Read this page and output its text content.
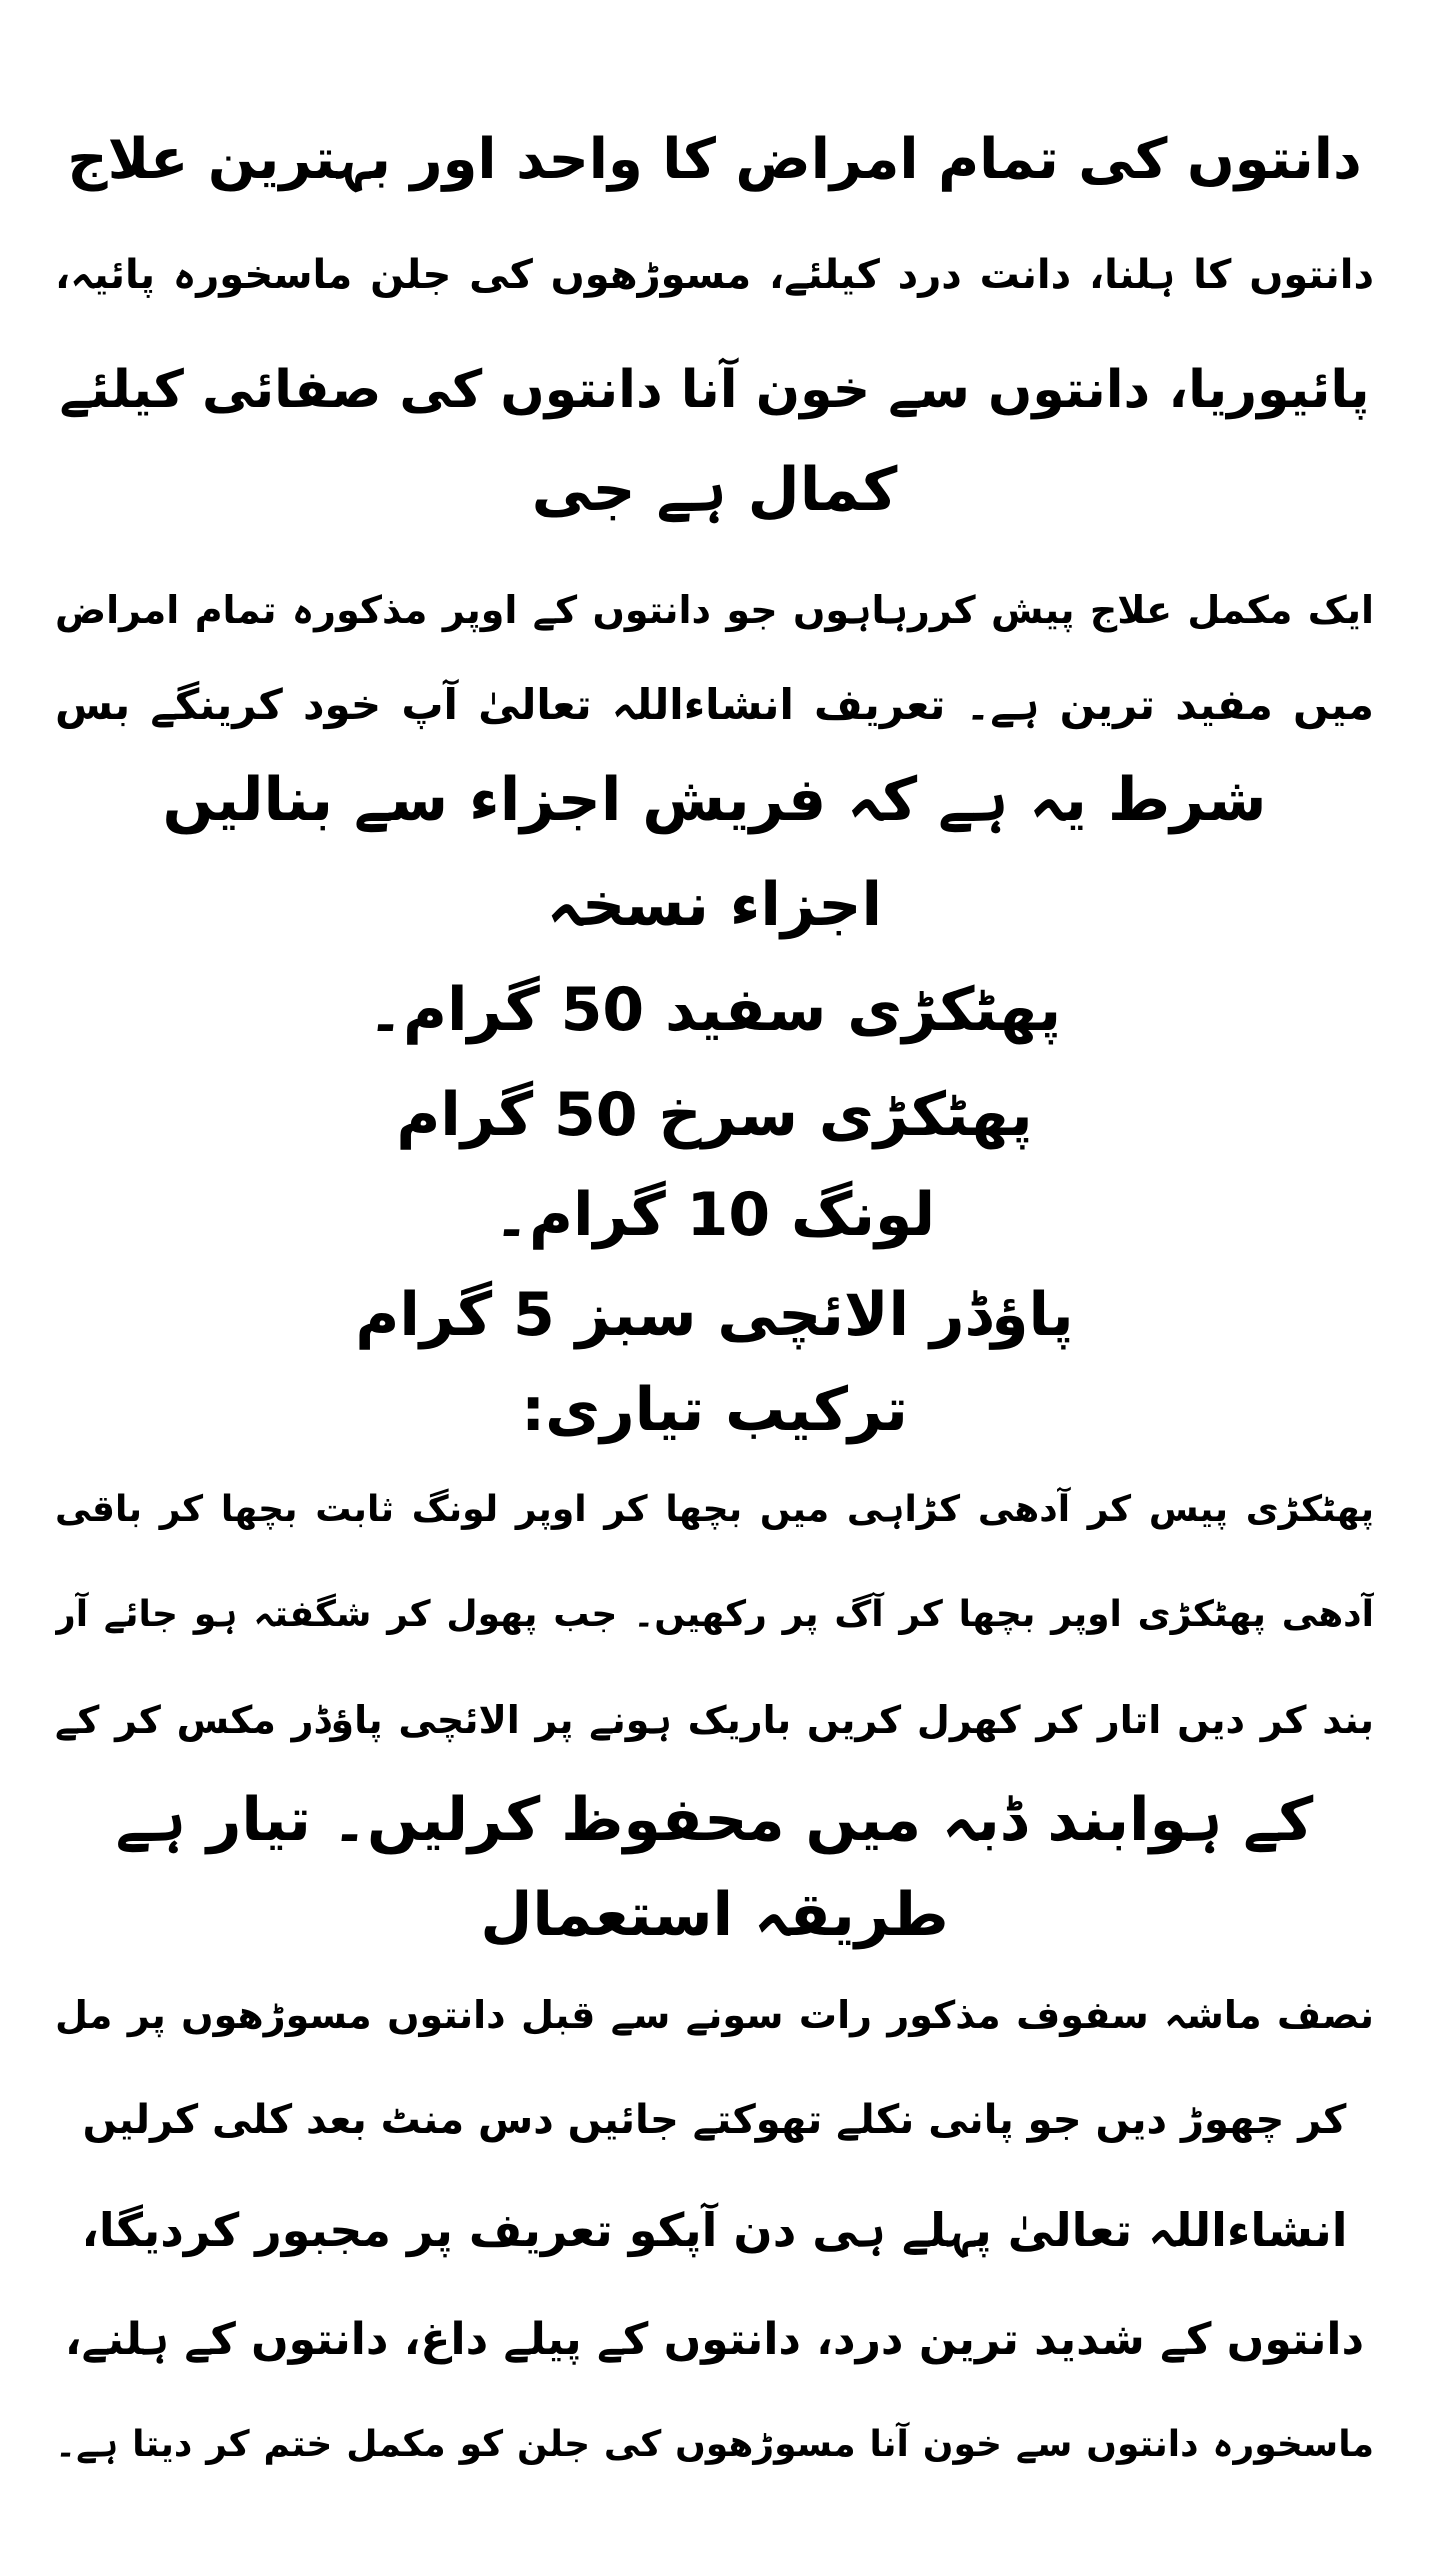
دانتوں کی تمام امراض کا واحد اور بہترین علاج
دانتوں کا ہلنا، دانت درد کیلئے، مسوڑھوں کی جلن ماسخورہ پائیہ،
پائیوریا، دانتوں سے خون آنا دانتوں کی صفائی کیلئے
کمال ہے جی
ایک مکمل علاج پیش کررہاہوں جو دانتوں کے اوپر مذکورہ تمام امراض
میں مفید ترین ہے۔ تعریف انشاءاللہ تعالیٰ آپ خود کرینگے بس
شرط یہ ہے کہ فریش اجزاء سے بنالیں
اجزاء نسخہ
پھٹکڑی سفید 50 گرام۔
پھٹکڑی سرخ 50 گرام
لونگ 10 گرام۔
پاؤڈر الائچی سبز 5 گرام
ترکیب تیاری:
پھٹکڑی پیس کر آدھی کڑاہی میں بچھا کر اوپر لونگ ثابت بچھا کر باقی
آدھی پھٹکڑی اوپر بچھا کر آگ پر رکھیں۔ جب پھول کر شگفتہ ہو جائے آر
بند کر دیں اتار کر کھرل کریں باریک ہونے پر الائچی پاؤڈر مکس کر کے
کے ہوابند ڈبہ میں محفوظ کرلیں۔ تیار ہے
طریقہ استعمال
نصف ماشہ سفوف مذکور رات سونے سے قبل دانتوں مسوڑھوں پر مل
کر چھوڑ دیں جو پانی نکلے تھوکتے جائیں دس منٹ بعد کلی کرلیں
انشاءاللہ تعالیٰ پہلے ہی دن آپکو تعریف پر مجبور کردیگا،
دانتوں کے شدید ترین درد، دانتوں کے پیلے داغ، دانتوں کے ہلنے،
ماسخورہ دانتوں سے خون آنا مسوڑھوں کی جلن کو مکمل ختم کر دیتا ہے۔
